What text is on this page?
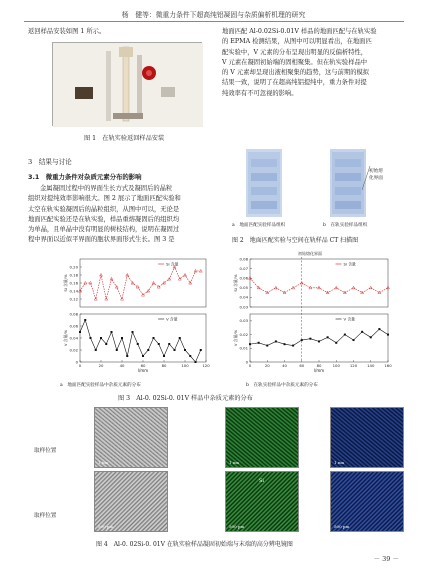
杨　健等：微重力条件下超高纯铝凝固与杂质偏析机理的研究
返回样品安装如图 1 所示。
图 1　在轨实验返回样品安装
3　结果与讨论
3.1　微重力条件对杂质元素分布的影响
金属凝固过程中的界面生长方式及凝固后的晶粒
组织对提纯效率影响很大。图 2 展示了地面匹配实验和
太空在轨实验凝固后的晶粒组织，从图中可以，无论是
地面匹配实验还是在轨实验，样品重熔凝固后的组织均
为单晶，且单晶中没有明显的树枝结构，说明在凝固过
程中界面以近似平界面的胞状界面形式生长。图 3 是
地面匹配 Al-0.02Si-0.01V 样品的地面匹配与在轨实验
的 EPMA 检测结果，从图中可以明显看出，在地面匹
配实验中，V 元素的分布呈现出明显的反偏析特性，
V 元素在凝固初始端的固相聚集。但在轨实验样品中
的 V 元素却呈现出液相聚集的趋势，这与前期的模拟
结果一致，说明了在超高纯铝提纯中，重力条件对提
纯效率有不可忽视的影响。
初始熔
化界面
a　地面匹配实验样品组织	b　在轨实验样品组织
图 2　地面匹配实验与空间在轨样品 CT 扫描图
0.20
0.18
0.16
0.14
0.12
Si 含量/%
Si 含量
0.08
0.06
0.04
0.02
0
0	20	40	60	80	100	120
V 含量/%
l/mm
V 含量
初始熔化界面
0.08
0.07
0.06
0.05
0.04
0.03
Si 含量/%
Si 含量
0.03
0.02
0.01
0
0	20	40	60	80	100	120	140	160
V 含量/%
l/mm
V 含量
a　地面匹配实验样品中杂质元素的分布	b　在轨实验样品中杂质元素的分布
图 3　Al-0. 02Si-0. 01V 样品中杂质元素的分布
取样位置
取样位置
1 nm	1 nm	1 nm
500 pm
Si
500 pm	500 pm
图 4　Al-0. 02Si-0. 01V 在轨实验样品凝固初始端与末端的高分辨电镜图
－ 39 －
